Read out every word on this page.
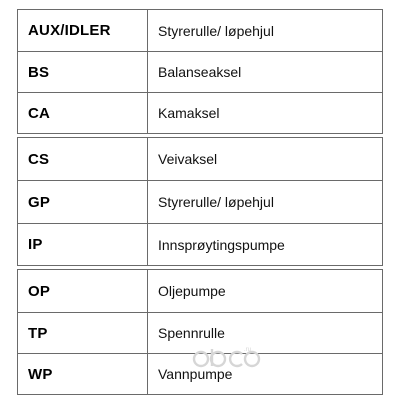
AUX/IDLER	Styrerulle/ løpehjul
BS	Balanseaksel
CA	Kamaksel
CS	Veivaksel
GP	Styrerulle/ løpehjul
IP	Innsprøytingspumpe
OP	Oljepumpe
TP	Spennrulle
WP	Vannpumpe
.ru
